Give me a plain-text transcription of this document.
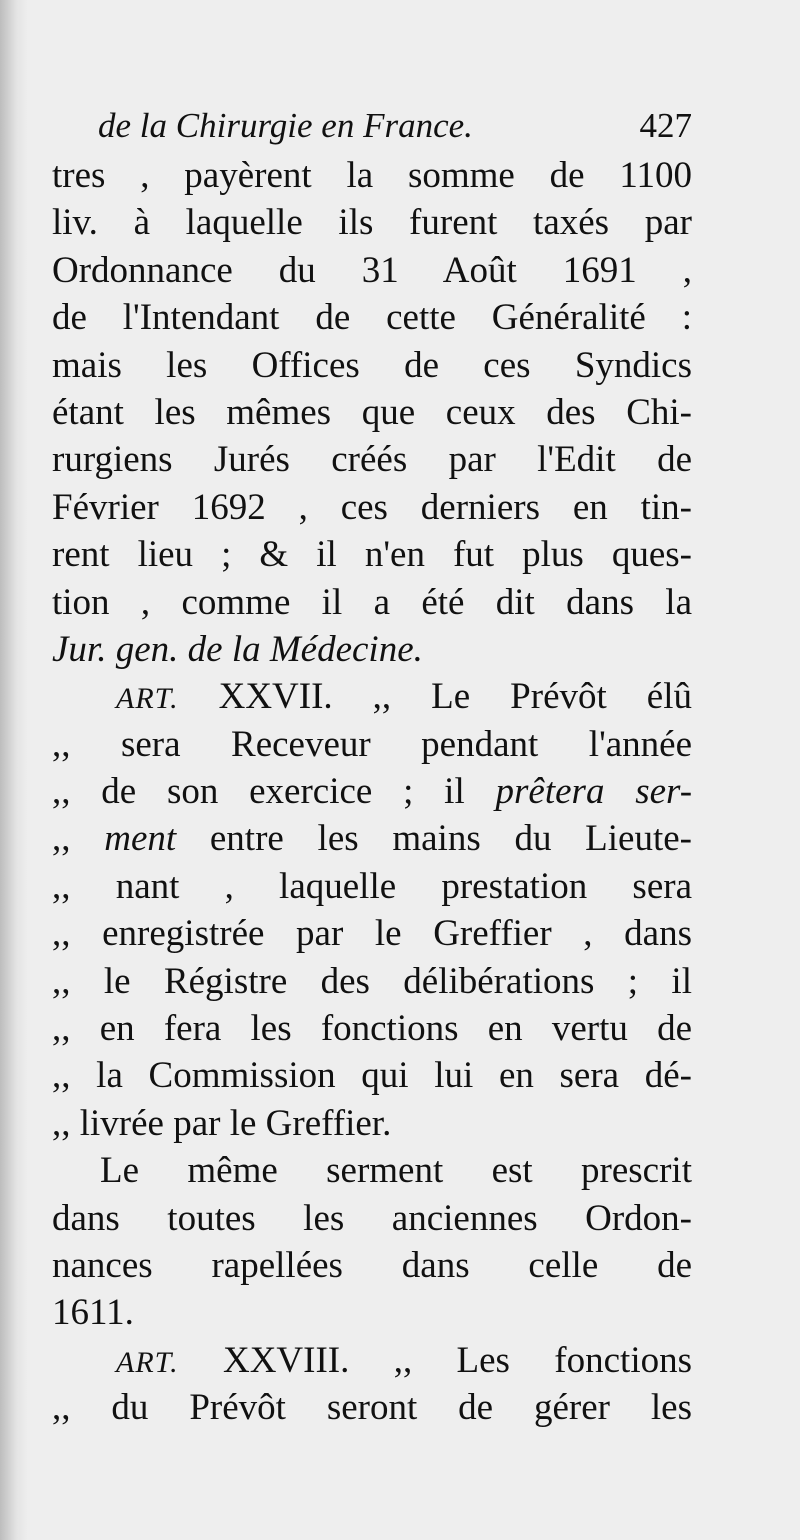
de la Chirurgie en France.	427
tres , payèrent la somme de 1100
liv. à laquelle ils furent taxés par
Ordonnance du 31 Août 1691 ,
de l'Intendant de cette Généralité :
mais les Offices de ces Syndics
étant les mêmes que ceux des Chi-
rurgiens Jurés créés par l'Edit de
Février 1692 , ces derniers en tin-
rent lieu ; & il n'en fut plus ques-
tion , comme il a été dit dans la
Jur. gen. de la Médecine.
ART. XXVII. ,, Le Prévôt élû
,, sera Receveur pendant l'année
,, de son exercice ; il prêtera ser-
,, ment entre les mains du Lieute-
,, nant , laquelle prestation sera
,, enregistrée par le Greffier , dans
,, le Régistre des délibérations ; il
,, en fera les fonctions en vertu de
,, la Commission qui lui en sera dé-
,, livrée par le Greffier.
Le même serment est prescrit
dans toutes les anciennes Ordon-
nances rapellées dans celle de
1611.
ART. XXVIII. ,, Les fonctions
,, du Prévôt seront de gérer les
